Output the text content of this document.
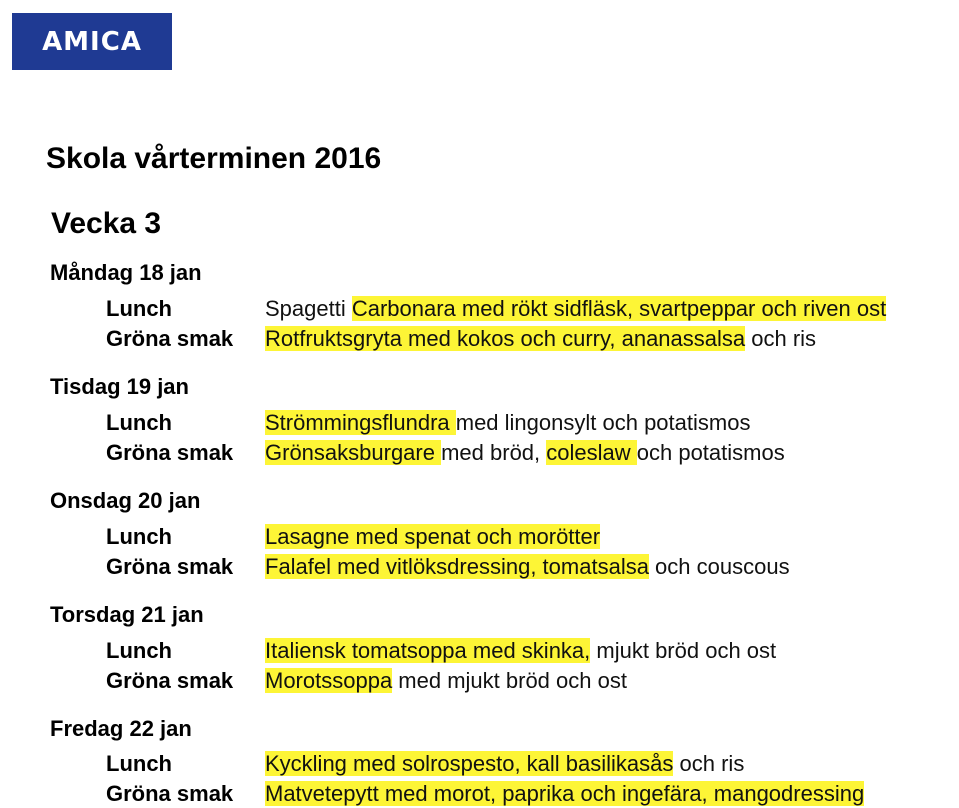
AMICA
Skola vårterminen 2016
Vecka 3
Måndag 18 jan
Lunch	Spagetti Carbonara med rökt sidfläsk, svartpeppar och riven ost
Gröna smak Rotfruktsgryta med kokos och curry, ananassalsa och ris
Tisdag 19 jan
Lunch	Strömmingsflundra med lingonsylt och potatismos
Gröna smak Grönsaksburgare med bröd, coleslaw och potatismos
Onsdag 20 jan
Lunch	Lasagne med spenat och morötter
Gröna smak Falafel med vitlöksdressing, tomatsalsa och couscous
Torsdag 21 jan
Lunch	Italiensk tomatsoppa med skinka, mjukt bröd och ost
Gröna smak Morotssoppa med mjukt bröd och ost
Fredag 22 jan
Lunch	Kyckling med solrospesto, kall basilikasås och ris
Gröna smak Matvetepytt med morot, paprika och ingefära, mangodressing
